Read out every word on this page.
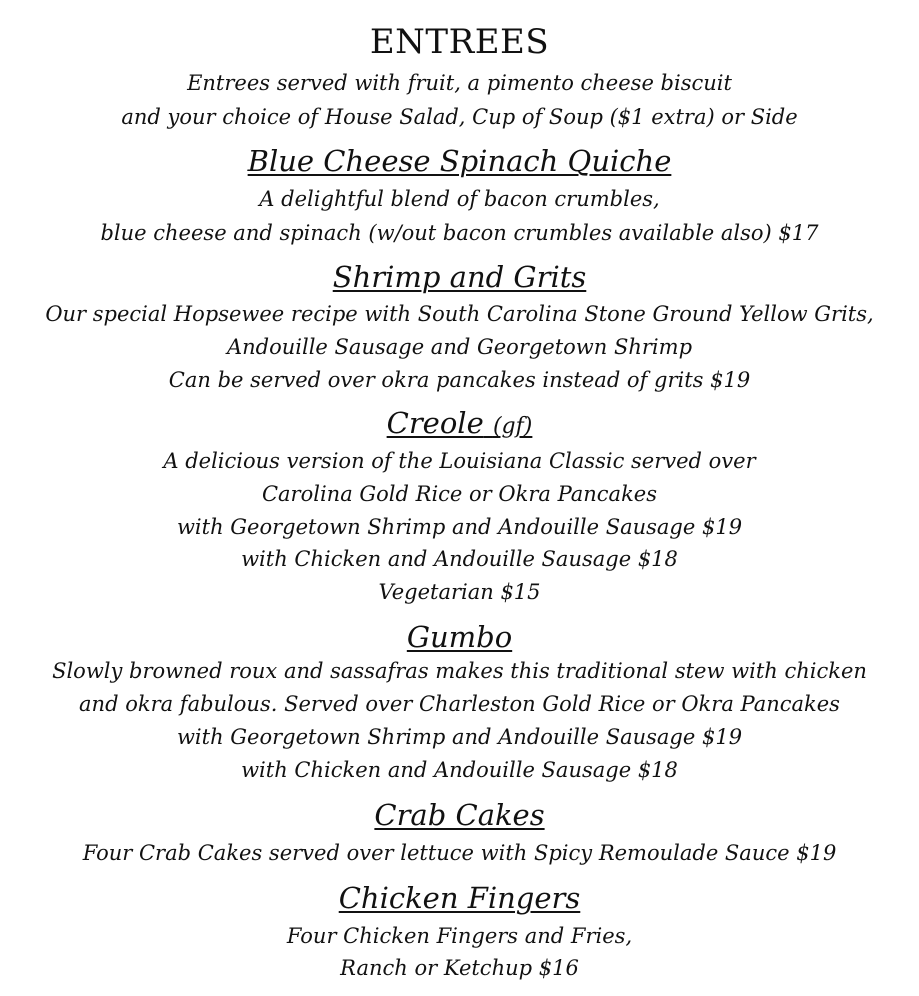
ENTREES
Entrees served with fruit, a pimento cheese biscuit
and your choice of House Salad, Cup of Soup ($1 extra) or Side
Blue Cheese Spinach Quiche
A delightful blend of bacon crumbles,
blue cheese and spinach (w/out bacon crumbles available also) $17
Shrimp and Grits
Our special Hopsewee recipe with South Carolina Stone Ground Yellow Grits,
Andouille Sausage and Georgetown Shrimp
Can be served over okra pancakes instead of grits $19
Creole (gf)
A delicious version of the Louisiana Classic served over
Carolina Gold Rice or Okra Pancakes
with Georgetown Shrimp and Andouille Sausage $19
with Chicken and Andouille Sausage $18
Vegetarian $15
Gumbo
Slowly browned roux and sassafras makes this traditional stew with chicken
and okra fabulous. Served over Charleston Gold Rice or Okra Pancakes
with Georgetown Shrimp and Andouille Sausage $19
with Chicken and Andouille Sausage $18
Crab Cakes
Four Crab Cakes served over lettuce with Spicy Remoulade Sauce $19
Chicken Fingers
Four Chicken Fingers and Fries,
Ranch or Ketchup $16
